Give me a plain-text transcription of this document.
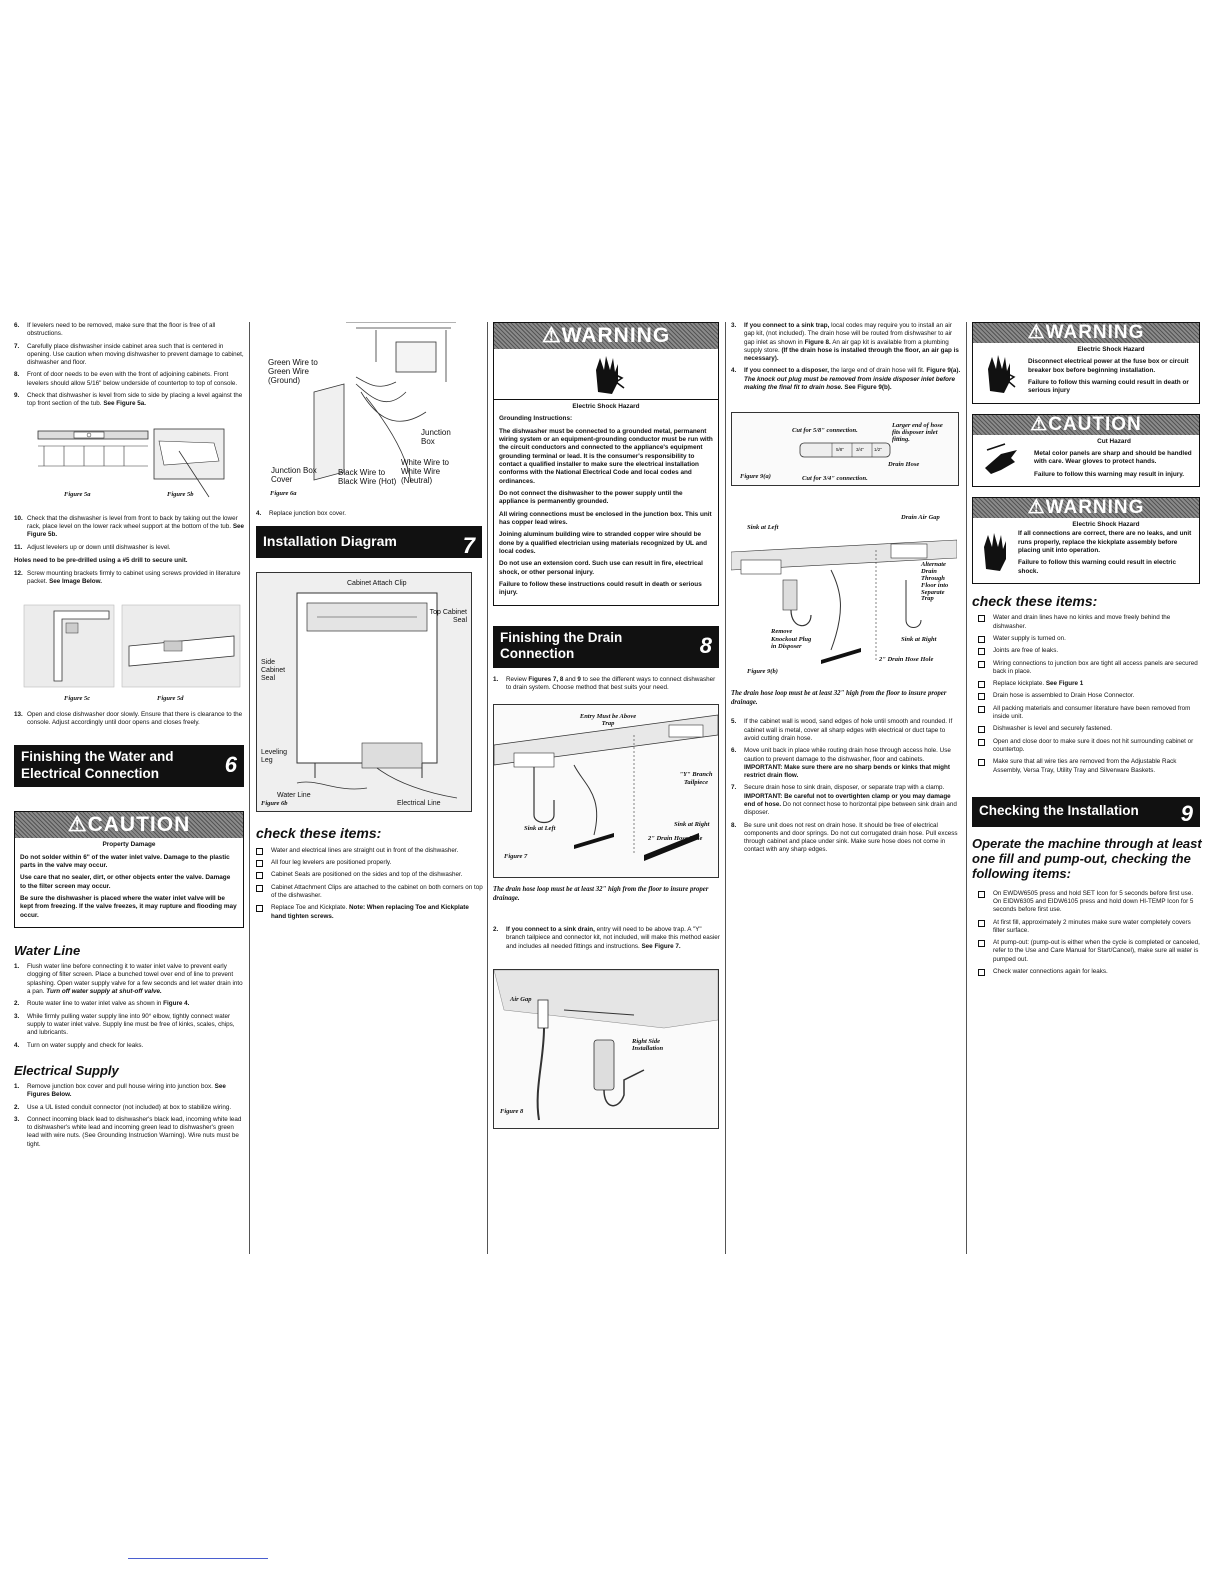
6.	If levelers need to be removed, make sure that the floor is free of all obstructions.
7.	Carefully place dishwasher inside cabinet area such that is centered in opening. Use caution when moving dishwasher to prevent damage to cabinet, dishwasher and floor.
8.	Front of door needs to be even with the front of adjoining cabinets. Front levelers should allow 5/16" below underside of countertop to top of console.
9.	Check that dishwasher is level from side to side by placing a level against the top front section of the tub. See Figure 5a.
Figure 5a	Figure 5b
10. Check that the dishwasher is level from front to back by taking out the lower rack, place level on the lower rack wheel support at the bottom of the tub. See Figure 5b.
11. Adjust levelers up or down until dishwasher is level.
Holes need to be pre-drilled using a #5 drill to secure unit.
12. Screw mounting brackets firmly to cabinet using screws provided in literature packet. See Image Below.
Figure 5c	Figure 5d
13. Open and close dishwasher door slowly. Ensure that there is clearance to the console. Adjust accordingly until door opens and closes freely.
Finishing the Water and Electrical Connection	6
⚠CAUTION

Property Damage

Do not solder within 6" of the water inlet valve. Damage to the plastic parts in the valve may occur.

Use care that no sealer, dirt, or other objects enter the valve. Damage to the filter screen may occur.

Be sure the dishwasher is placed where the water inlet valve will be kept from freezing. If the valve freezes, it may rupture and flooding may occur.

Water Line
1.	Flush water line before connecting it to water inlet valve to prevent early clogging of filter screen. Place a bunched towel over end of line to prevent splashing. Open water supply valve for a few seconds and let water drain into a pan. Turn off water supply at shut-off valve.
2.	Route water line to water inlet valve as shown in Figure 4.
3.	While firmly pulling water supply line into 90° elbow, tightly connect water supply to water inlet valve. Supply line must be free of kinks, scales, chips, and lubricants.
4.	Turn on water supply and check for leaks.
Electrical Supply
1.	Remove junction box cover and pull house wiring into junction box. See Figures Below.
2.	Use a UL listed conduit connector (not included) at box to stabilize wiring.
3.	Connect incoming black lead to dishwasher's black lead, incoming white lead to dishwasher's white lead and incoming green lead to dishwasher's green lead with wire nuts. (See Grounding Instruction Warning). Wire nuts must be tight.
Green Wire to Green Wire (Ground)
Junction Box
Junction Box Cover
Black Wire to Black Wire (Hot)
White Wire to White Wire (Neutral)
Figure 6a
4.	Replace junction box cover.
Installation Diagram	7
Cabinet Attach Clip
Top Cabinet Seal
Side Cabinet Seal
Leveling Leg
Water Line
Electrical Line
Figure 6b
check these items:
Water and electrical lines are straight out in front of the dishwasher.
All four leg levelers are positioned properly.
Cabinet Seals are positioned on the sides and top of the dishwasher.
Cabinet Attachment Clips are attached to the cabinet on both corners on top of the dishwasher.
Replace Toe and Kickplate. Note: When replacing Toe and Kickplate hand tighten screws.
⚠WARNING

Electric Shock Hazard

Grounding Instructions:

The dishwasher must be connected to a grounded metal, permanent wiring system or an equipment-grounding conductor must be run with the circuit conductors and connected to the appliance's equipment grounding terminal or lead. It is the consumer's responsibility to contact a qualified installer to make sure the electrical installation conforms with the National Electrical Code and local codes and ordinances.

Do not connect the dishwasher to the power supply until the appliance is permanently grounded.

All wiring connections must be enclosed in the junction box. This unit has copper lead wires.

Joining aluminum building wire to stranded copper wire should be done by a qualified electrician using materials recognized by UL and local codes.

Do not use an extension cord. Such use can result in fire, electrical shock, or other personal injury.

Failure to follow these instructions could result in death or serious injury.

Finishing the Drain Connection	8
1.	Review Figures 7, 8 and 9 to see the different ways to connect dishwasher to drain system. Choose method that best suits your need.
Entry Must be Above Trap
"Y" Branch Tailpiece
Sink at Right
Sink at Left
2" Drain Hose Hole
Figure 7
The drain hose loop must be at least 32" high from the floor to insure proper drainage.
2.	If you connect to a sink drain, entry will need to be above trap. A "Y" branch tailpiece and connector kit, not included, will make this method easier and includes all needed fittings and instructions. See Figure 7.
Air Gap
Right Side Installation
Figure 8
3.	If you connect to a sink trap, local codes may require you to install an air gap kit, (not included). The drain hose will be routed from dishwasher to air gap inlet as shown in Figure 8. An air gap kit is available from a plumbing supply store. (If the drain hose is installed through the floor, an air gap is necessary).
4.	If you connect to a disposer, the large end of drain hose will fit. Figure 9(a). The knock out plug must be removed from inside disposer inlet before making the final fit to drain hose. See Figure 9(b).
Cut for 5/8" connection.
Larger end of hose fits disposer inlet fitting.
Drain Hose
5/8"	3/4" 1/2"
Figure 9(a)	Cut for 3/4" connection.
Drain Air Gap
Sink at Left
Alternate Drain Through Floor into Separate Trap
Remove Knockout Plug in Disposer
Sink at Right
2" Drain Hose Hole
Figure 9(b)
The drain hose loop must be at least 32" high from the floor to insure proper drainage.
5.	If the cabinet wall is wood, sand edges of hole until smooth and rounded. If cabinet wall is metal, cover all sharp edges with electrical or duct tape to avoid cutting drain hose.
6.	Move unit back in place while routing drain hose through access hole. Use caution to prevent damage to the dishwasher, floor and cabinets. IMPORTANT: Make sure there are no sharp bends or kinks that might restrict drain flow.
7.	Secure drain hose to sink drain, disposer, or separate trap with a clamp. IMPORTANT: Be careful not to overtighten clamp or you may damage end of hose. Do not connect hose to horizontal pipe between sink drain and disposer.
8.	Be sure unit does not rest on drain hose. It should be free of electrical components and door springs. Do not cut corrugated drain hose. Pull excess through cabinet and place under sink. Make sure hose does not come in contact with any sharp edges.
⚠WARNING

Electric Shock Hazard

Disconnect electrical power at the fuse box or circuit breaker box before beginning installation.

Failure to follow this warning could result in death or serious injury

⚠CAUTION

Cut Hazard

Metal color panels are sharp and should be handled with care. Wear gloves to protect hands.

Failure to follow this warning may result in injury.

⚠WARNING

Electric Shock Hazard

If all connections are correct, there are no leaks, and unit runs properly, replace the kickplate assembly before placing unit into operation.

Failure to follow this warning could result in electric shock.

check these items:
Water and drain lines have no kinks and move freely behind the dishwasher.
Water supply is turned on.
Joints are free of leaks.
Wiring connections to junction box are tight all access panels are secured back in place.
Replace kickplate. See Figure 1
Drain hose is assembled to Drain Hose Connector.
All packing materials and consumer literature have been removed from inside unit.
Dishwasher is level and securely fastened.
Open and close door to make sure it does not hit surrounding cabinet or countertop.
Make sure that all wire ties are removed from the Adjustable Rack Assembly, Versa Tray, Utility Tray and Silverware Baskets.
Checking the Installation 9
Operate the machine through at least one fill and pump-out, checking the following items:
On EWDW6505 press and hold SET Icon for 5 seconds before first use. On EIDW6305 and EIDW6105 press and hold down HI-TEMP Icon for 5 seconds before first use.
At first fill, approximately 2 minutes make sure water completely covers filter surface.
At pump-out: (pump-out is either when the cycle is completed or canceled, refer to the Use and Care Manual for Start/Cancel), make sure all water is pumped out.
Check water connections again for leaks.
